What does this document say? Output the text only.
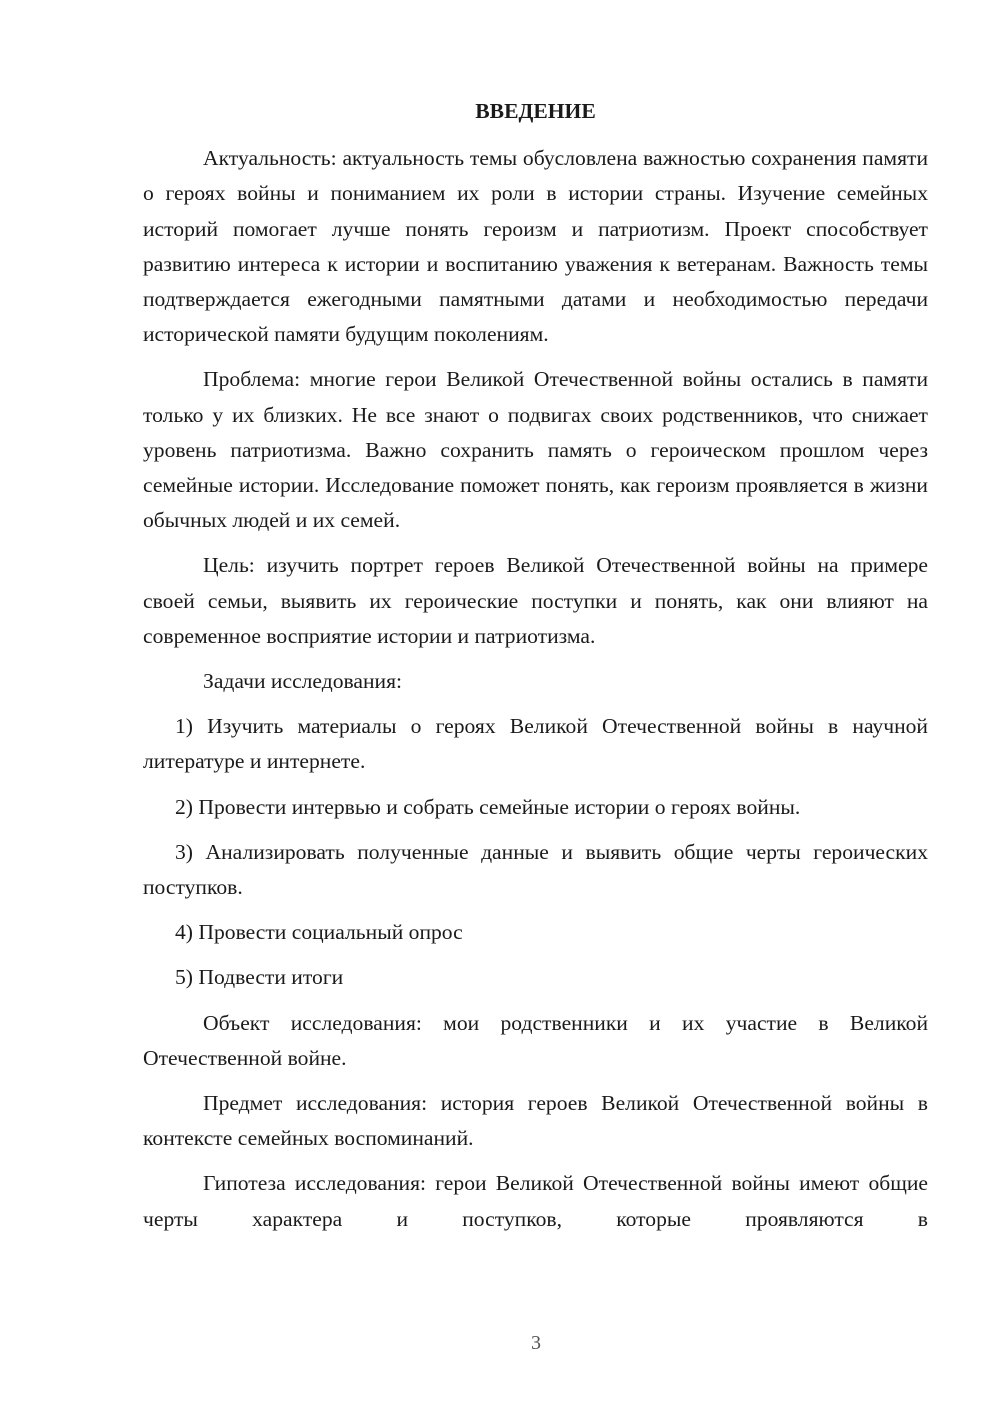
ВВЕДЕНИЕ

Актуальность: актуальность темы обусловлена важностью сохранения памяти о героях войны и пониманием их роли в истории страны. Изучение семейных историй помогает лучше понять героизм и патриотизм. Проект способствует развитию интереса к истории и воспитанию уважения к ветеранам. Важность темы подтверждается ежегодными памятными датами и необходимостью передачи исторической памяти будущим поколениям.

Проблема: многие герои Великой Отечественной войны остались в памяти только у их близких. Не все знают о подвигах своих родственников, что снижает уровень патриотизма. Важно сохранить память о героическом прошлом через семейные истории. Исследование поможет понять, как героизм проявляется в жизни обычных людей и их семей.

Цель: изучить портрет героев Великой Отечественной войны на примере своей семьи, выявить их героические поступки и понять, как они влияют на современное восприятие истории и патриотизма.

Задачи исследования:

1) Изучить материалы о героях Великой Отечественной войны в научной литературе и интернете.

2) Провести интервью и собрать семейные истории о героях войны.

3) Анализировать полученные данные и выявить общие черты героических поступков.

4) Провести социальный опрос

5) Подвести итоги

Объект исследования: мои родственники и их участие в Великой Отечественной войне.

Предмет исследования: история героев Великой Отечественной войны в контексте семейных воспоминаний.

Гипотеза исследования: герои Великой Отечественной войны имеют общие черты характера и поступков, которые проявляются в

3
